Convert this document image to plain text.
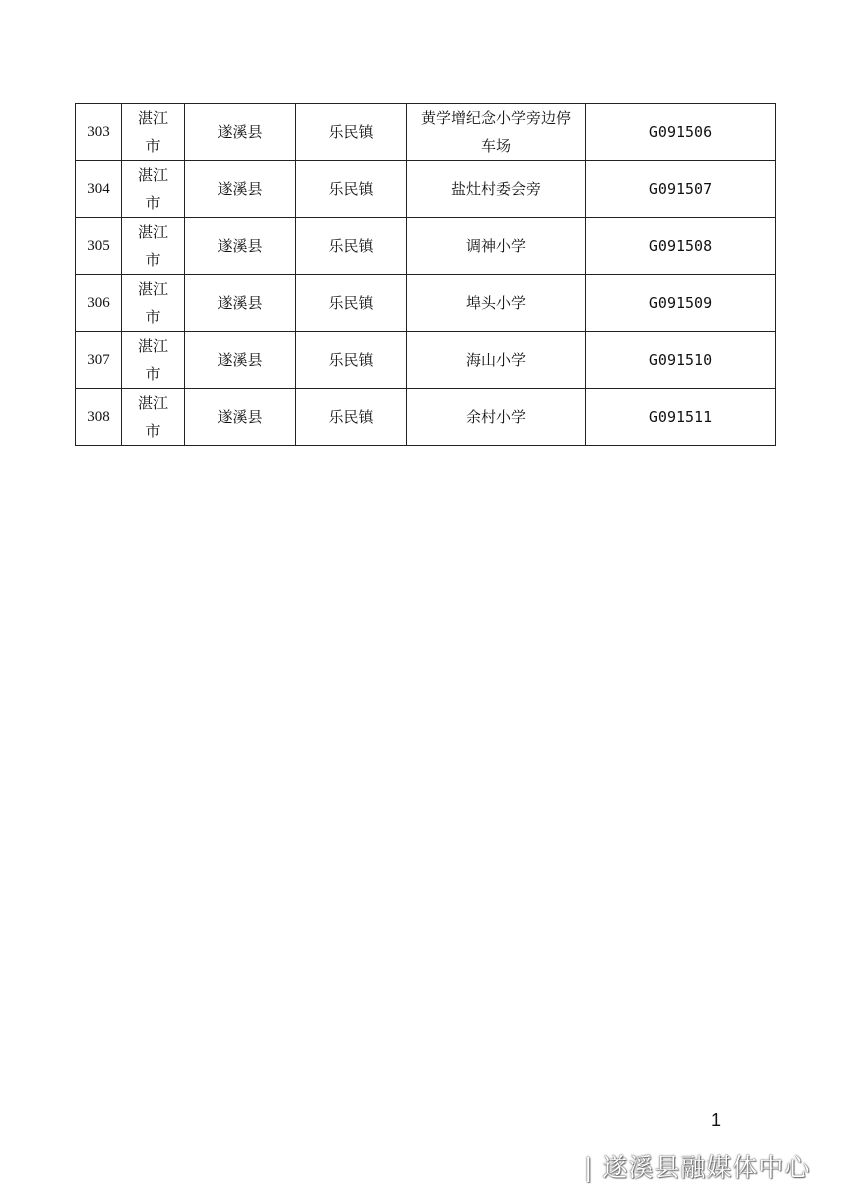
303	湛江市	遂溪县	乐民镇	黄学增纪念小学旁边停车场	G091506
304	湛江市	遂溪县	乐民镇	盐灶村委会旁	G091507
305	湛江市	遂溪县	乐民镇	调神小学	G091508
306	湛江市	遂溪县	乐民镇	埠头小学	G091509
307	湛江市	遂溪县	乐民镇	海山小学	G091510
308	湛江市	遂溪县	乐民镇	余村小学	G091511
1
| 遂溪县融媒体中心
